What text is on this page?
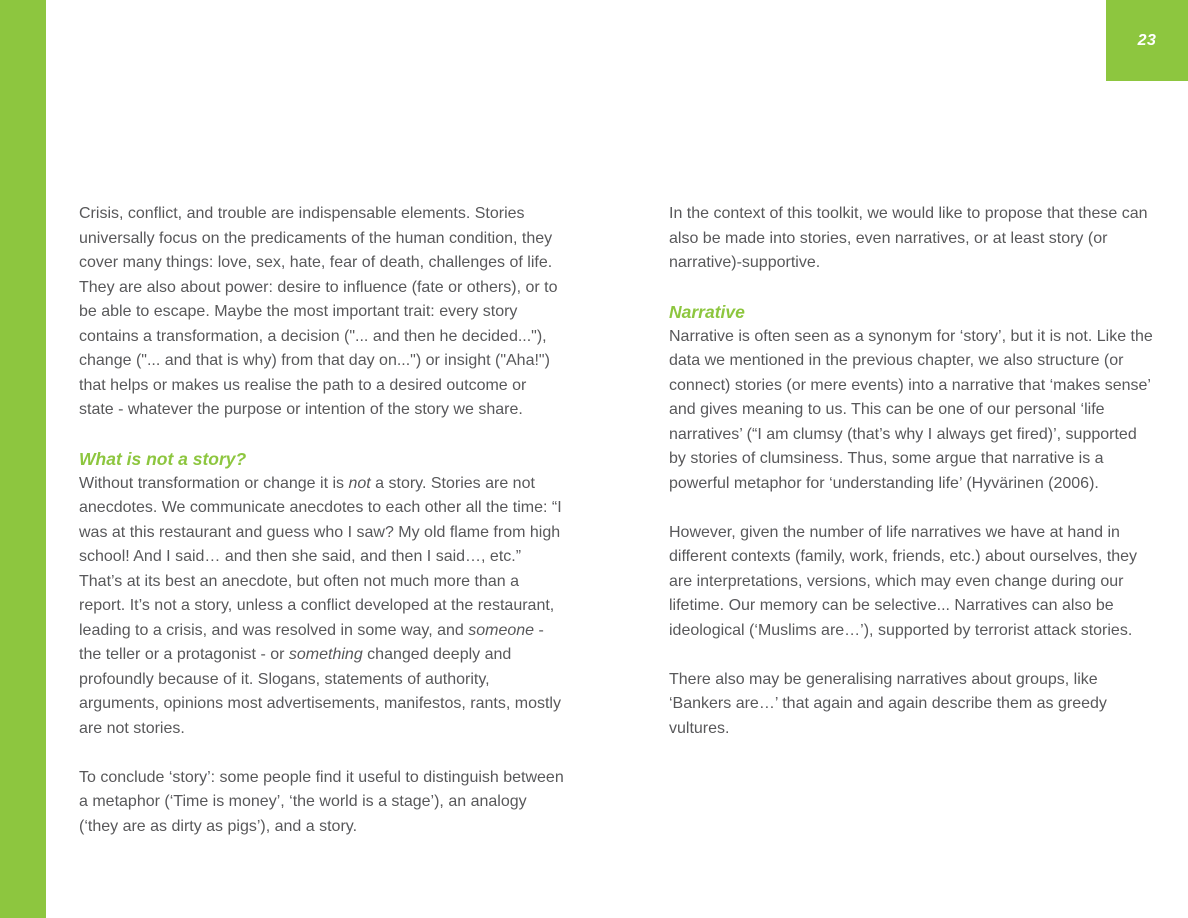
23

Crisis, conflict, and trouble are indispensable elements. Stories universally focus on the predicaments of the human condition, they cover many things: love, sex, hate, fear of death, challenges of life. They are also about power: desire to influence (fate or others), or to be able to escape. Maybe the most important trait: every story contains a transformation, a decision ("... and then he decided..."), change ("... and that is why) from that day on...") or insight ("Aha!") that helps or makes us realise the path to a desired outcome or state - whatever the purpose or intention of the story we share.

What is not a story?

Without transformation or change it is not a story. Stories are not anecdotes. We communicate anecdotes to each other all the time: “I was at this restaurant and guess who I saw? My old flame from high school! And I said… and then she said, and then I said…, etc.” That’s at its best an anecdote, but often not much more than a report. It’s not a story, unless a conflict developed at the restaurant, leading to a crisis, and was resolved in some way, and someone - the teller or a protagonist - or something changed deeply and profoundly because of it. Slogans, statements of authority, arguments, opinions most advertisements, manifestos, rants, mostly are not stories.

To conclude ‘story’: some people find it useful to distinguish between a metaphor (‘Time is money’, ‘the world is a stage’), an analogy (‘they are as dirty as pigs’), and a story.

In the context of this toolkit, we would like to propose that these can also be made into stories, even narratives, or at least story (or narrative)-supportive.

Narrative

Narrative is often seen as a synonym for ‘story’, but it is not. Like the data we mentioned in the previous chapter, we also structure (or connect) stories (or mere events) into a narrative that ‘makes sense’ and gives meaning to us. This can be one of our personal ‘life narratives’ (“I am clumsy (that’s why I always get fired)’, supported by stories of clumsiness. Thus, some argue that narrative is a powerful metaphor for ‘understanding life’ (Hyvärinen (2006).

However, given the number of life narratives we have at hand in different contexts (family, work, friends, etc.) about ourselves, they are interpretations, versions, which may even change during our lifetime. Our memory can be selective... Narratives can also be ideological (‘Muslims are…’), supported by terrorist attack stories.

There also may be generalising narratives about groups, like ‘Bankers are…’ that again and again describe them as greedy vultures.
